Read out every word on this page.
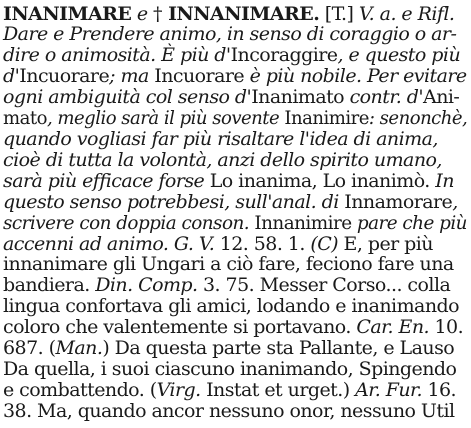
INANIMARE e † INNANIMARE. [T.] V. a. e Rifl.
Dare e Prendere animo, in senso di coraggio o ar-
dire o animosità. È più d'Incoraggire, e questo più
d'Incuorare; ma Incuorare è più nobile. Per evitare
ogni ambiguità col senso d'Inanimato contr. d'Ani-
mato, meglio sarà il più sovente Inanimire: senonchè,
quando vogliasi far più risaltare l'idea di anima,
cioè di tutta la volontà, anzi dello spirito umano,
sarà più efficace forse Lo inanima, Lo inanimò. In
questo senso potrebbesi, sull'anal. di Innamorare,
scrivere con doppia conson. Innanimire pare che più
accenni ad animo. G. V. 12. 58. 1. (C) E, per più
innanimare gli Ungari a ciò fare, feciono fare una
bandiera. Din. Comp. 3. 75. Messer Corso... colla
lingua confortava gli amici, lodando e inanimando
coloro che valentemente si portavano. Car. En. 10.
687. (Man.) Da questa parte sta Pallante, e Lauso
Da quella, i suoi ciascuno inanimando, Spingendo
e combattendo. (Virg. Instat et urget.) Ar. Fur. 16.
38. Ma, quando ancor nessuno onor, nessuno Util
